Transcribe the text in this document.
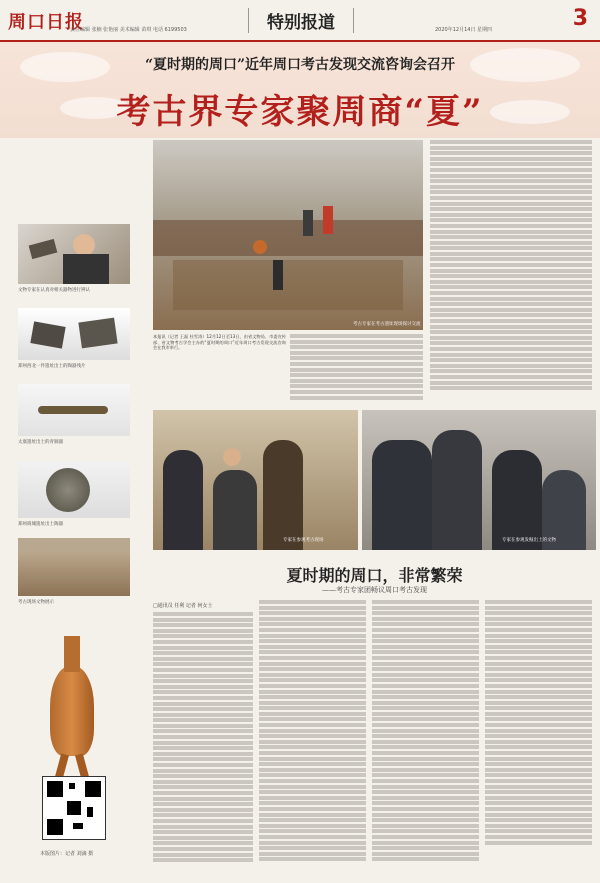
周口日报
责任编辑 张楠 张艳丽 美术编辑 苗琪 电话 6199503	特别报道	2020年12月14日 星期四	3
“夏时期的周口”近年周口考古发现交流咨询会召开
考古界专家聚周商“夏”
文物专家在认真对相关器物进行辨认
郑州西北一件遗址出土的陶器残片
太康遗址出土的青铜器
郑州商城遗址出土陶器
考古现场文物展示
考古专家在考古遗址现场探讨交流
本报讯（记者 王磊 杜雪涛）12月12日至13日，由省文物局、市委宣传部、省文物考古学会主办的“夏时期的周口”近年周口考古发现交流咨询会在我市举行。
专家在参观考古现场	专家在参观发掘出土的文物
夏时期的周口，非常繁荣
——考古专家团畅议周口考古发现
□通讯员 任利 记者 何女士
本版图片：记者 刘滴 摄
